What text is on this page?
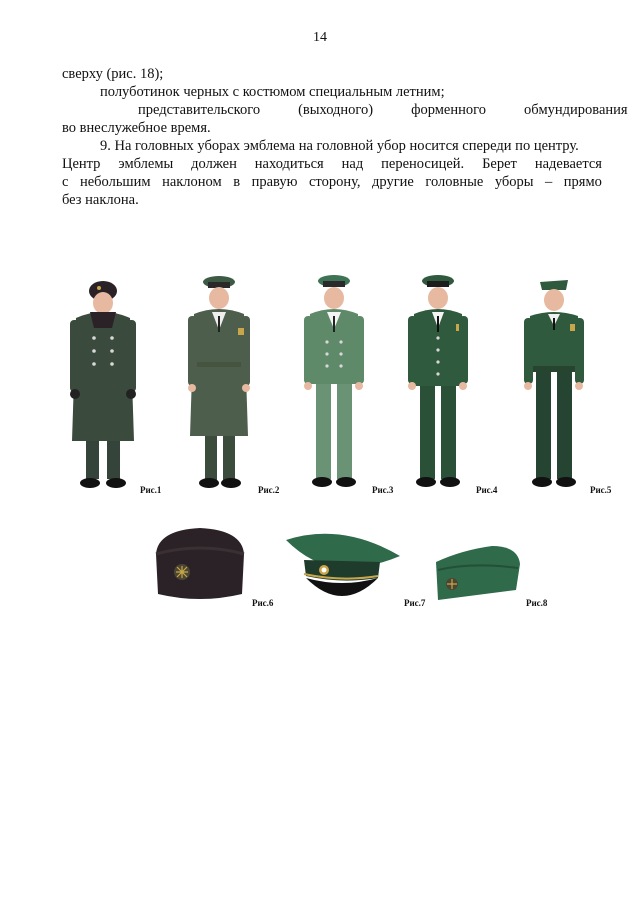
14
сверху (рис. 18);
полуботинок черных с костюмом специальным летним;
представительского	(выходного)	форменного	обмундирования
во внеслужебное время.
9. На головных уборах эмблема на головной убор носится спереди по центру.
Центр эмблемы должен находиться над переносицей. Берет надевается
с небольшим наклоном в правую сторону, другие головные уборы – прямо
без наклона.
Рис.1	Рис.2	Рис.3	Рис.4	Рис.5
Рис.6	Рис.7	Рис.8
